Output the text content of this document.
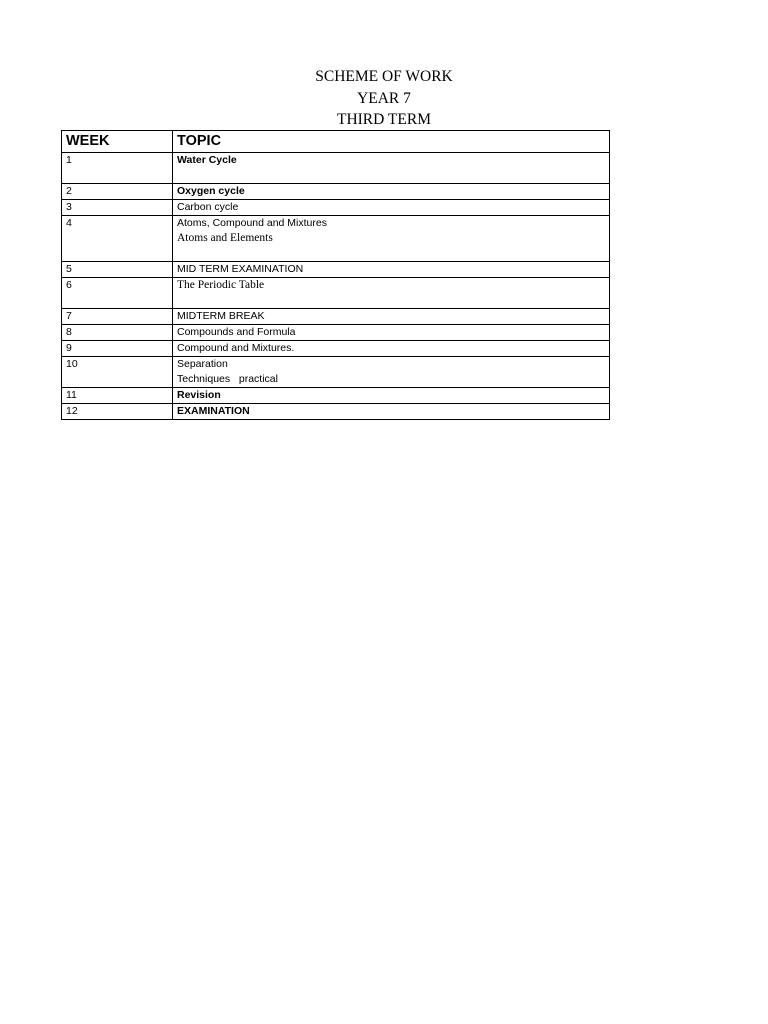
SCHEME OF WORK
YEAR 7
THIRD TERM
WEEK	TOPIC
1	Water Cycle

2	Oxygen cycle

3	Carbon cycle

4	Atoms, Compound and Mixtures
Atoms and Elements

5	MID TERM EXAMINATION

6	The Periodic Table

7	MIDTERM BREAK

8	Compounds and Formula

9	Compound and Mixtures.

10	Separation
Techniques   practical

11	Revision

12	EXAMINATION
